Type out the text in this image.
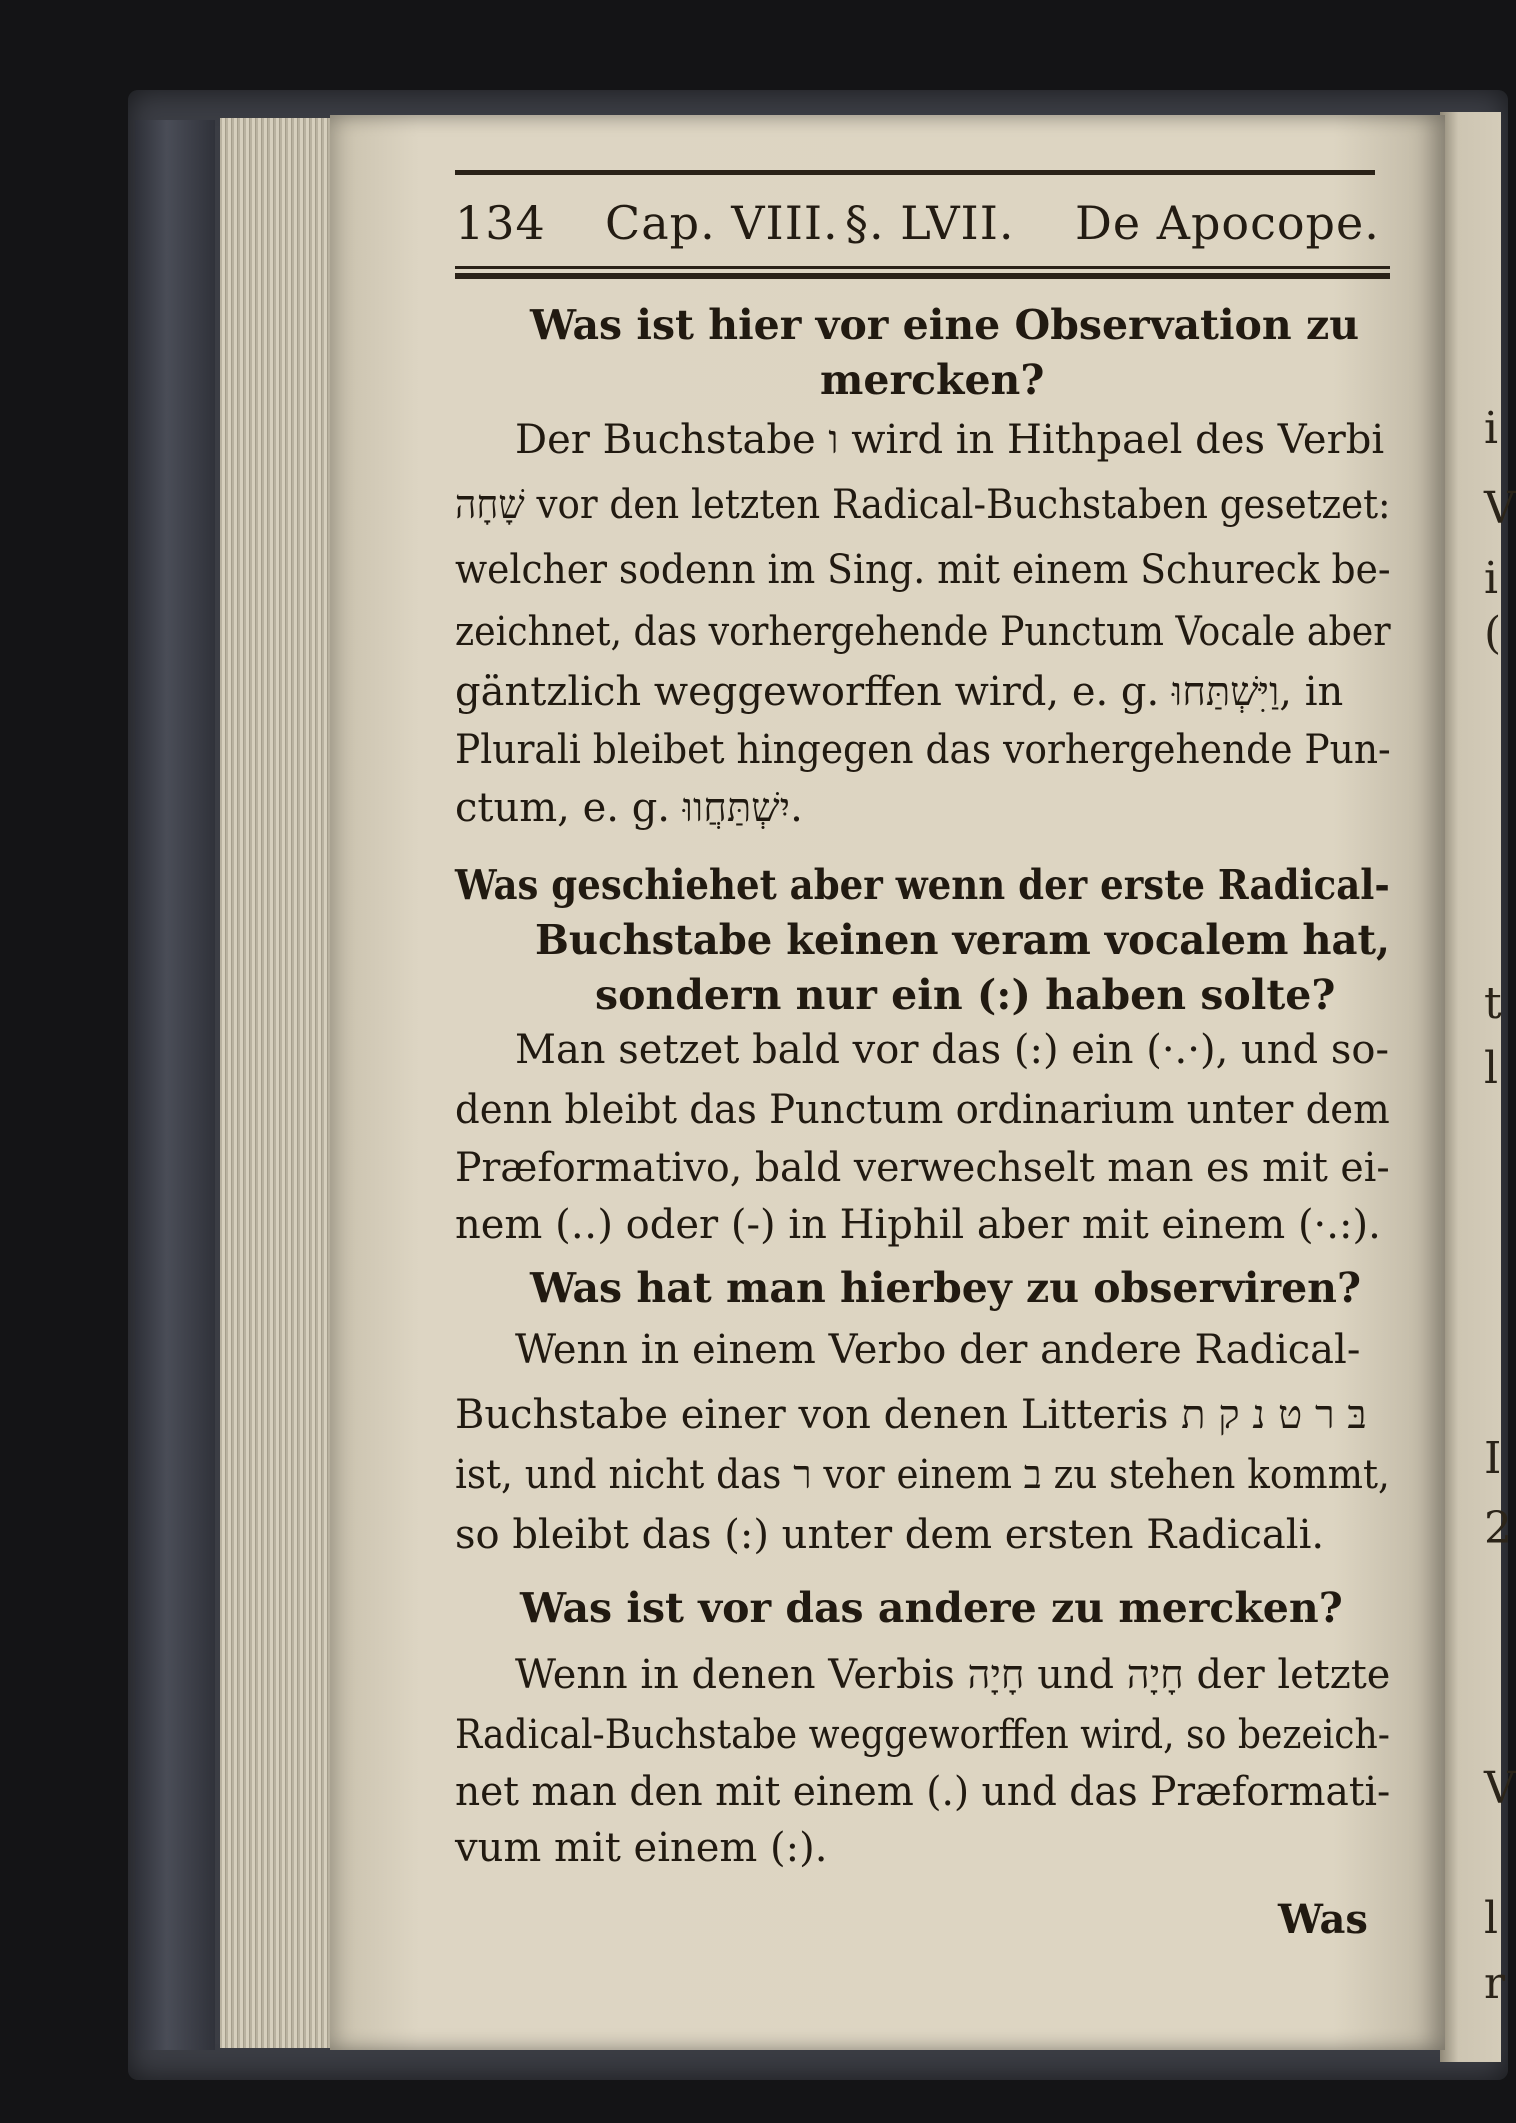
i
V
i
(
t
l
I
2
V
l
r
134 Cap. VIII. §. LVII. De Apocope.
Was ist hier vor eine Observation zu
mercken?
Der Buchstabe ו wird in Hithpael des Verbi
שָׁחָה vor den letzten Radical-Buchstaben gesetzet:
welcher sodenn im Sing. mit einem Schureck be-
zeichnet, das vorhergehende Punctum Vocale aber
gäntzlich weggeworffen wird, e. g. וַיִּשְׁתַּחוּ, in
Plurali bleibet hingegen das vorhergehende Pun-
ctum, e. g. יִשְׁתַּחֲווּ.
Was geschiehet aber wenn der erste Radical-
Buchstabe keinen veram vocalem hat,
sondern nur ein (:) haben solte?
Man setzet bald vor das (:) ein (·.·), und so-
denn bleibt das Punctum ordinarium unter dem
Præformativo, bald verwechselt man es mit ei-
nem (‥) oder (-) in Hiphil aber mit einem (·.:).
Was hat man hierbey zu observiren?
Wenn in einem Verbo der andere Radical-
Buchstabe einer von denen Litteris בּ ר ט נ ק ת
ist, und nicht das ר vor einem ב zu stehen kommt,
so bleibt das (:) unter dem ersten Radicali.
Was ist vor das andere zu mercken?
Wenn in denen Verbis חָיָה und חָיָה der letzte
Radical-Buchstabe weggeworffen wird, so bezeich-
net man den mit einem (.) und das Præformati-
vum mit einem (:).
Was
